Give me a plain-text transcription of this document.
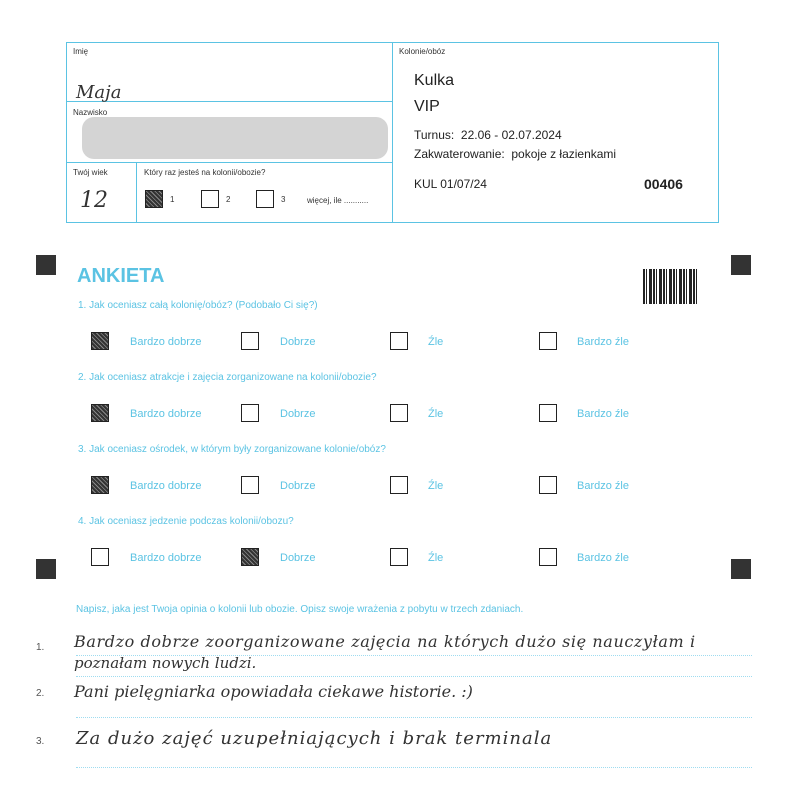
Imię
Maja
Nazwisko
Twój wiek
12
Który raz jesteś na kolonii/obozie?
1	2	3	więcej, ile ...........
Kolonie/obóz
Kulka
VIP
Turnus:  22.06 - 02.07.2024
Zakwaterowanie:  pokoje z łazienkami
KUL 01/07/24	00406
ANKIETA
1. Jak oceniasz całą kolonię/obóz? (Podobało Ci się?)
Bardzo dobrze	Dobrze	Źle	Bardzo źle
2. Jak oceniasz atrakcje i zajęcia zorganizowane na kolonii/obozie?
Bardzo dobrze	Dobrze	Źle	Bardzo źle
3. Jak oceniasz ośrodek, w którym były zorganizowane kolonie/obóz?
Bardzo dobrze	Dobrze	Źle	Bardzo źle
4. Jak oceniasz jedzenie podczas kolonii/obozu?
Bardzo dobrze	Dobrze	Źle	Bardzo źle
Napisz, jaka jest Twoja opinia o kolonii lub obozie. Opisz swoje wrażenia z pobytu w trzech zdaniach.
1. Bardzo dobrze zoorganizowane zajęcia na których dużo się nauczyłam i
poznałam nowych ludzi.
2. Pani pielęgniarka opowiadała ciekawe historie. :)
3. Za dużo zajęć uzupełniających i brak terminala
